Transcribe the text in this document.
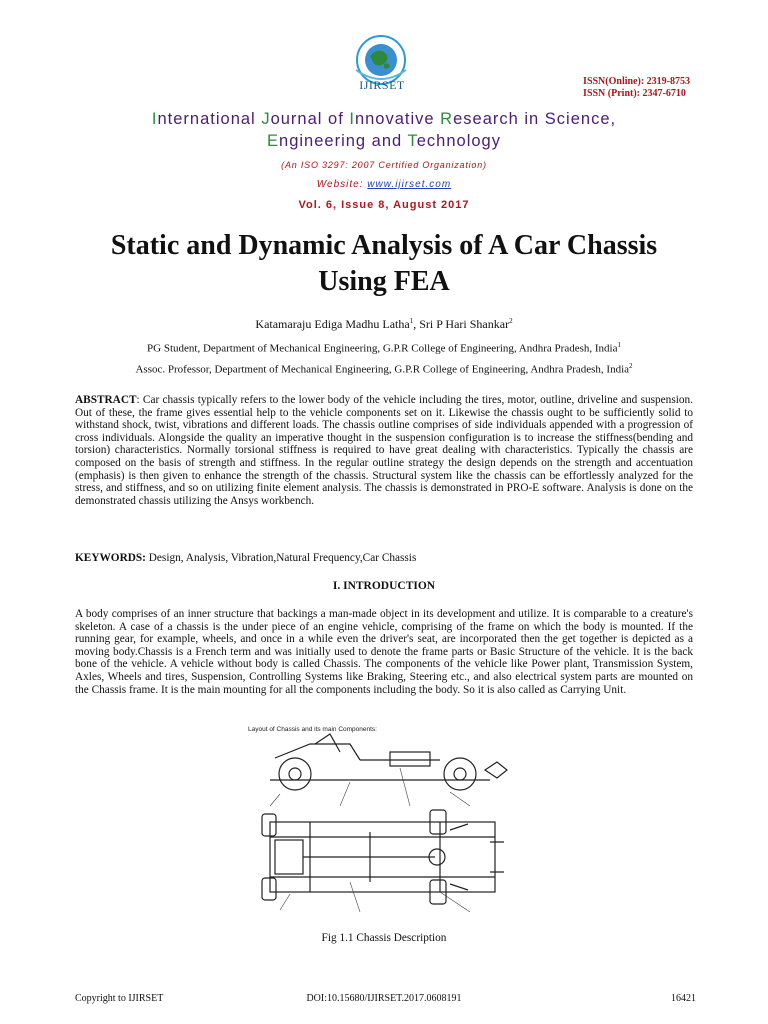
IJIRSET	ISSN(Online): 2319-8753
ISSN (Print): 2347-6710
International Journal of Innovative Research in Science,
Engineering and Technology
(An ISO 3297: 2007 Certified Organization)
Website: www.ijirset.com
Vol. 6, Issue 8, August 2017
Static and Dynamic Analysis of A Car Chassis
Using FEA
Katamaraju Ediga Madhu Latha$^1$, Sri P Hari Shankar$^2$
PG Student, Department of Mechanical Engineering, G.P.R College of Engineering, Andhra Pradesh, India$^1$
Assoc. Professor, Department of Mechanical Engineering, G.P.R College of Engineering, Andhra Pradesh, India$^2$
ABSTRACT: Car chassis typically refers to the lower body of the vehicle including the tires, motor, outline, driveline and suspension. Out of these, the frame gives essential help to the vehicle components set on it. Likewise the chassis ought to be sufficiently solid to withstand shock, twist, vibrations and different loads. The chassis outline comprises of side individuals appended with a progression of cross individuals. Alongside the quality an imperative thought in the suspension configuration is to increase the stiffness(bending and torsion) characteristics. Normally torsional stiffness is required to have great dealing with characteristics. Typically the chassis are composed on the basis of strength and stiffness. In the regular outline strategy the design depends on the strength and accentuation (emphasis) is then given to enhance the strength of the chassis. Structural system like the chassis can be effortlessly analyzed for the stress, and stiffness, and so on utilizing finite element analysis. The chassis is demonstrated in PRO-E software. Analysis is done on the demonstrated chassis utilizing the Ansys workbench.
KEYWORDS: Design, Analysis, Vibration,Natural Frequency,Car Chassis
I. INTRODUCTION
A body comprises of an inner structure that backings a man-made object in its development and utilize. It is comparable to a creature's skeleton. A case of a chassis is the under piece of an engine vehicle, comprising of the frame on which the body is mounted. If the running gear, for example, wheels, and once in a while even the driver's seat, are incorporated then the get together is depicted as a moving body.Chassis is a French term and was initially used to denote the frame parts or Basic Structure of the vehicle. It is the back bone of the vehicle. A vehicle without body is called Chassis. The components of the vehicle like Power plant, Transmission System, Axles, Wheels and tires, Suspension, Controlling Systems like Braking, Steering etc., and also electrical system parts are mounted on the Chassis frame. It is the main mounting for all the components including the body. So it is also called as Carrying Unit.
Layout of Chassis and its main Components:
Fig 1.1 Chassis Description
Copyright to IJIRSET	DOI:10.15680/IJIRSET.2017.0608191	16421
